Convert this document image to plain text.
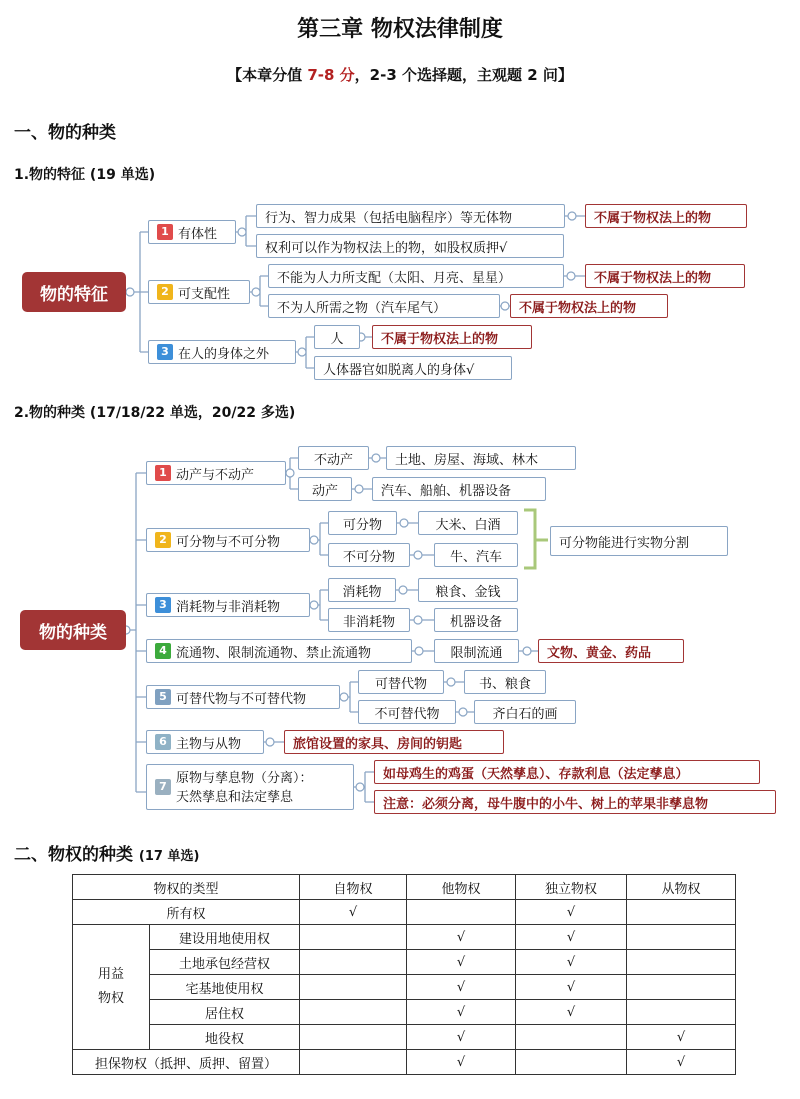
第三章 物权法律制度
【本章分值 7-8 分，2-3 个选择题，主观题 2 问】
一、物的种类
1.物的特征 (19 单选)
物的特征
1 有体性
行为、智力成果（包括电脑程序）等无体物	不属于物权法上的物
权利可以作为物权法上的物，如股权质押√
2 可支配性
不能为人力所支配（太阳、月亮、星星）	不属于物权法上的物
不为人所需之物（汽车尾气）	不属于物权法上的物
3 在人的身体之外
人	不属于物权法上的物
人体器官如脱离人的身体√
2.物的种类 (17/18/22 单选，20/22 多选)
物的种类
1 动产与不动产
不动产	土地、房屋、海域、林木
动产	汽车、船舶、机器设备
2 可分物与不可分物
可分物	大米、白酒
不可分物	牛、汽车
可分物能进行实物分割
3 消耗物与非消耗物
消耗物	粮食、金钱
非消耗物	机器设备
4 流通物、限制流通物、禁止流通物	限制流通	文物、黄金、药品
5 可替代物与不可替代物
可替代物	书、粮食
不可替代物	齐白石的画
6 主物与从物	旅馆设置的家具、房间的钥匙
7
原物与孳息物（分离）：
天然孳息和法定孳息
如母鸡生的鸡蛋（天然孳息）、存款利息（法定孳息）
注意：必须分离，母牛腹中的小牛、树上的苹果非孳息物
二、物权的种类 (17 单选)
物权的类型		自物权	他物权	独立物权	从物权
所有权		√		√	
用益
物权	建设用地使用权		√	√	
	土地承包经营权		√	√	
	宅基地使用权		√	√	
	居住权		√	√	
	地役权		√		√
担保物权（抵押、质押、留置）			√		√
